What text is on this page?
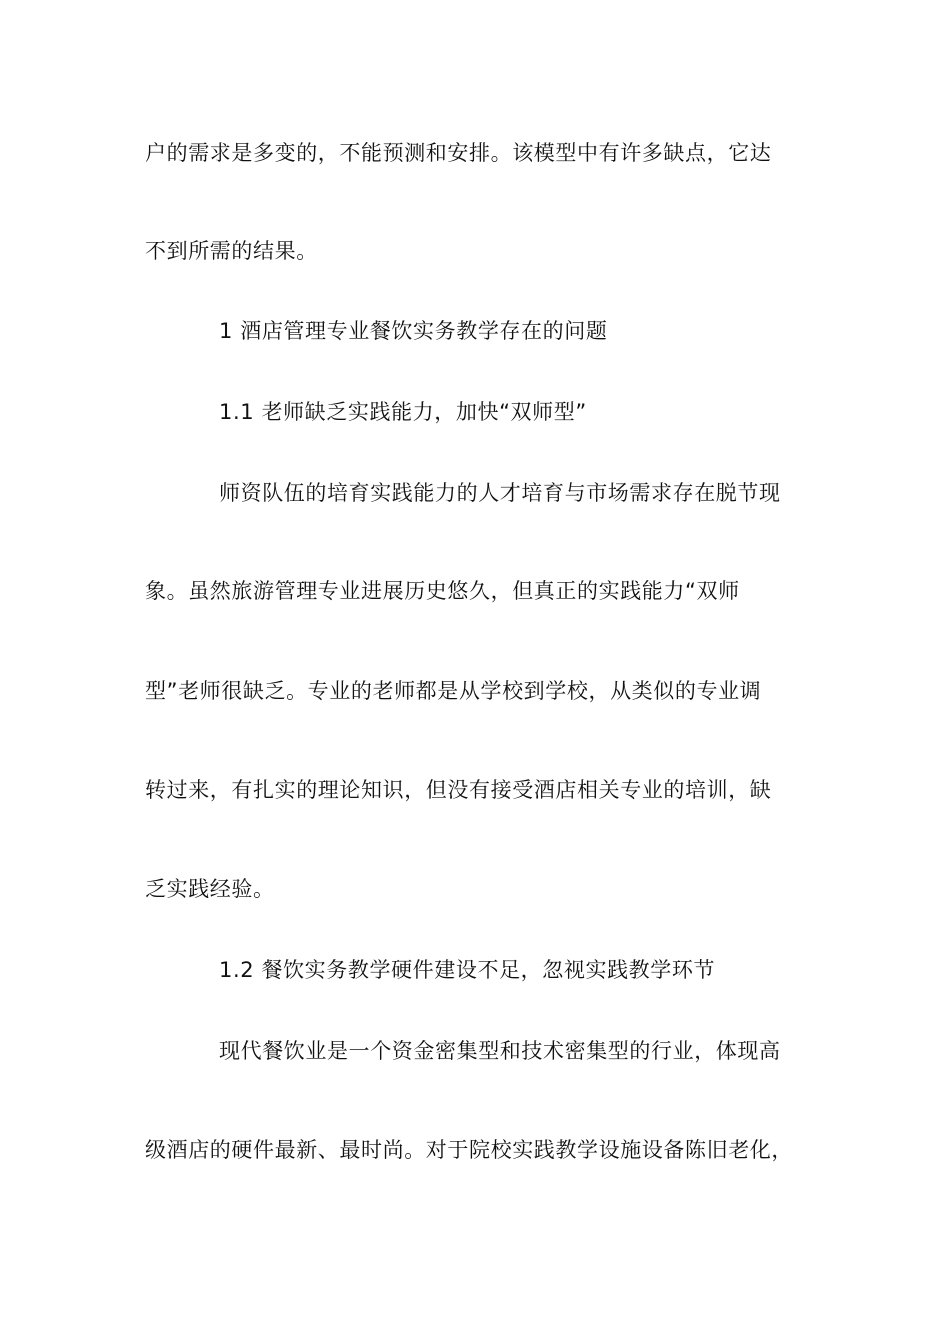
户的需求是多变的，不能预测和安排。该模型中有许多缺点，它达
不到所需的结果。
1 酒店管理专业餐饮实务教学存在的问题
1.1 老师缺乏实践能力，加快“双师型”
师资队伍的培育实践能力的人才培育与市场需求存在脱节现
象。虽然旅游管理专业进展历史悠久，但真正的实践能力“双师
型”老师很缺乏。专业的老师都是从学校到学校，从类似的专业调
转过来，有扎实的理论知识，但没有接受酒店相关专业的培训，缺
乏实践经验。
1.2 餐饮实务教学硬件建设不足，忽视实践教学环节
现代餐饮业是一个资金密集型和技术密集型的行业，体现高
级酒店的硬件最新、最时尚。对于院校实践教学设施设备陈旧老化，
